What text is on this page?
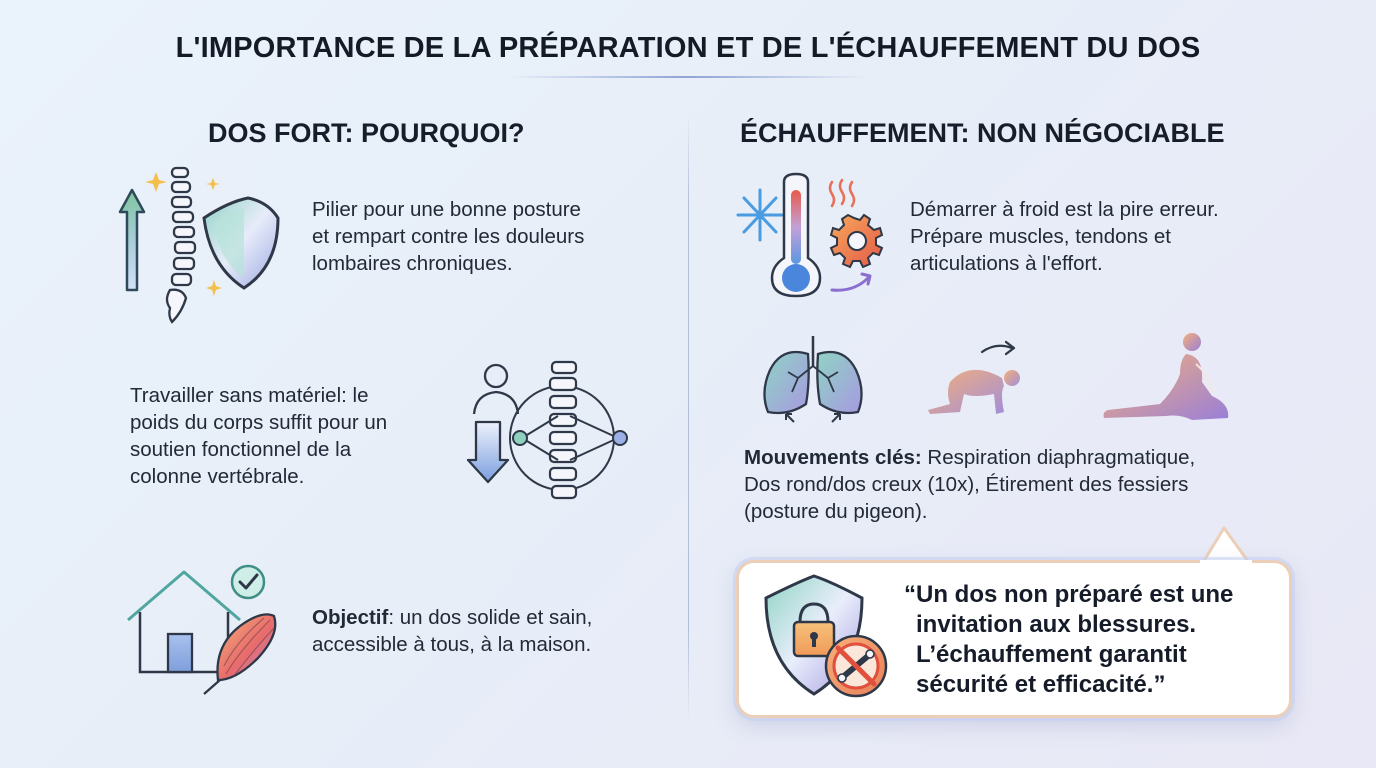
L'IMPORTANCE DE LA PRÉPARATION ET DE L'ÉCHAUFFEMENT DU DOS
DOS FORT: POURQUOI?
Pilier pour une bonne posture
et rempart contre les douleurs
lombaires chroniques.
Travailler sans matériel: le
poids du corps suffit pour un
soutien fonctionnel de la
colonne vertébrale.
Objectif: un dos solide et sain,
accessible à tous, à la maison.
ÉCHAUFFEMENT: NON NÉGOCIABLE
Démarrer à froid est la pire erreur.
Prépare muscles, tendons et
articulations à l'effort.
Mouvements clés: Respiration diaphragmatique,
Dos rond/dos creux (10x), Étirement des fessiers
(posture du pigeon).
“Un dos non préparé est une
invitation aux blessures.
L’échauffement garantit
sécurité et efficacité.”
